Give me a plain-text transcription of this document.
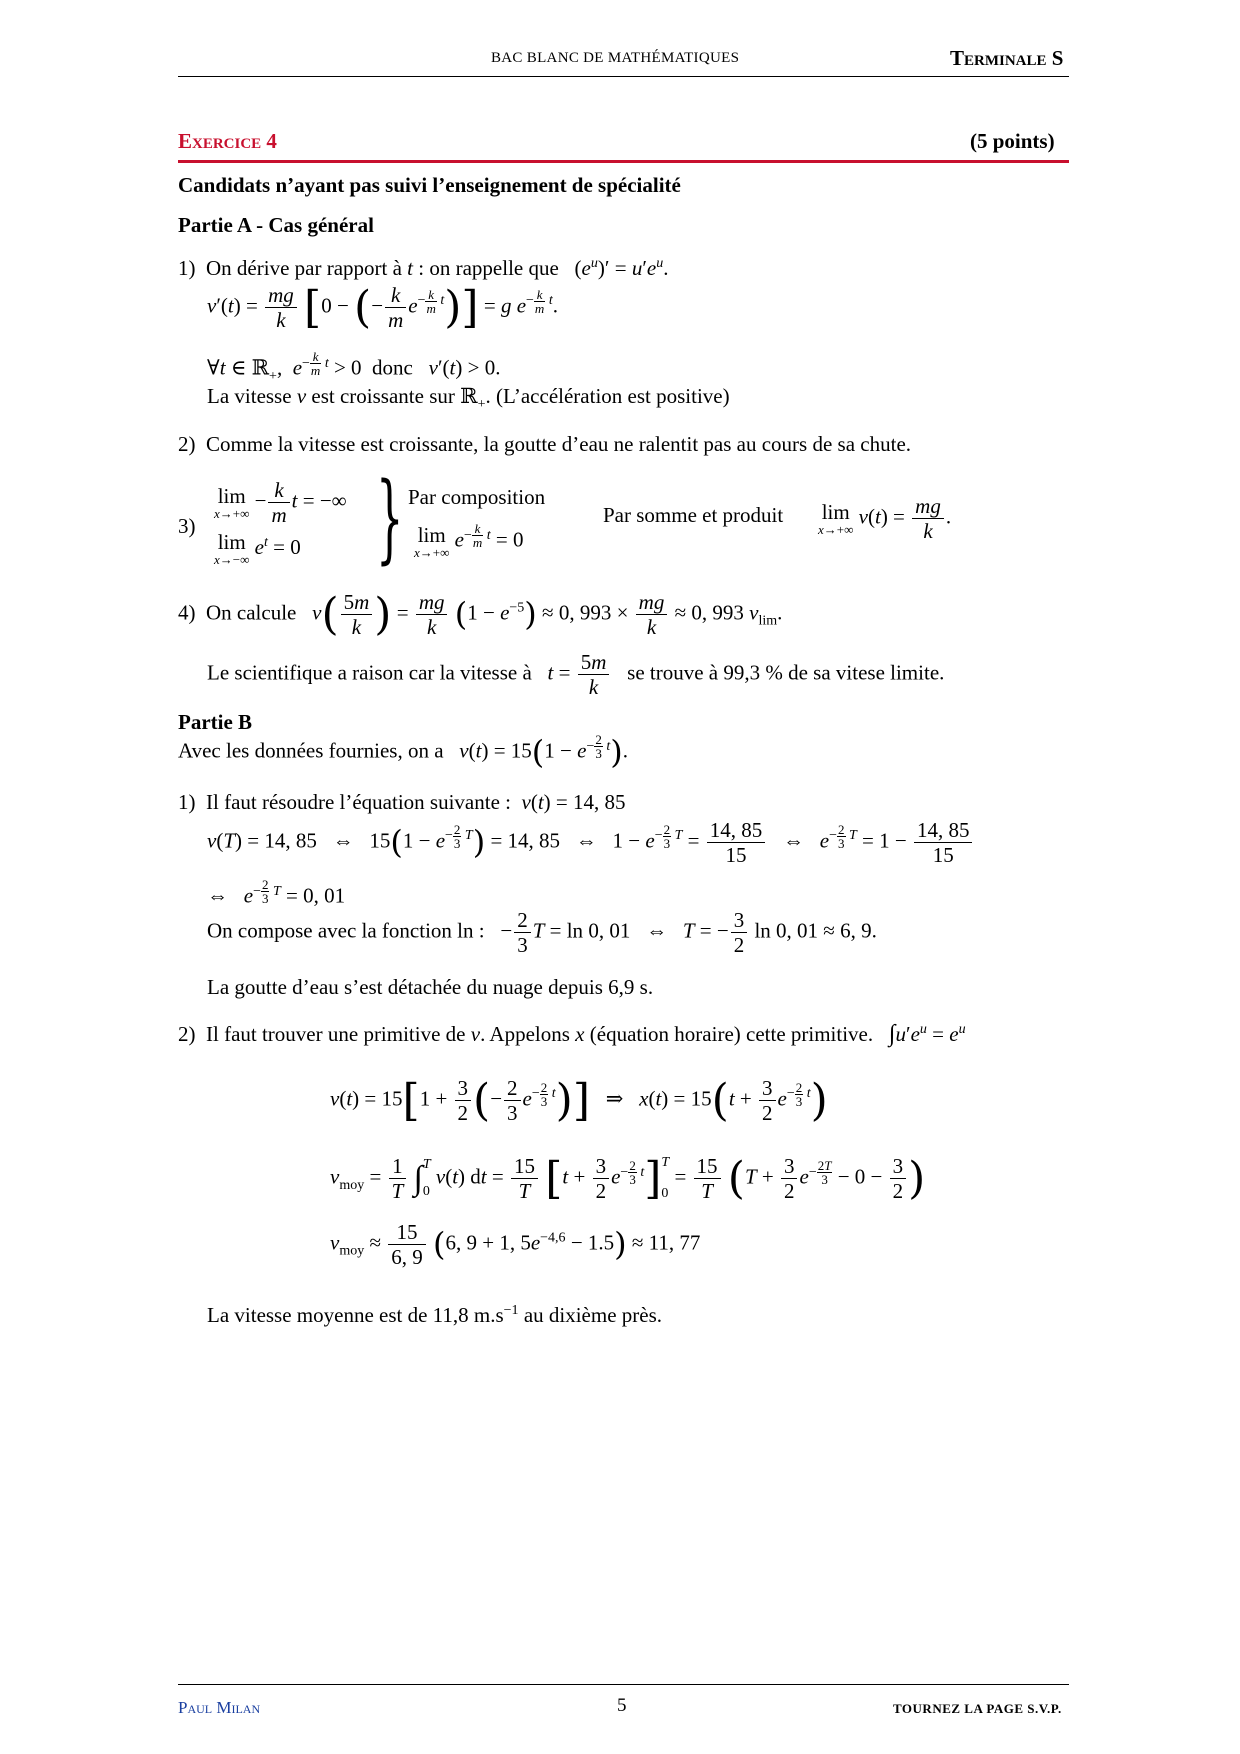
BAC BLANC DE MATHÉMATIQUES	Terminale S
Exercice 4	(5 points)
Candidats n’ayant pas suivi l’enseignement de spécialité
Partie A - Cas général
1) On dérive par rapport à t : on rappelle que   $(e^u)' = u'e^u$.
$v'(t) = \frac{mg}{k} [0$ − (− $\frac{k}{m} e^{- \frac{k}{m} t})] = g$ $e^{- \frac{k}{m} t}$.
∀t ∈ ℝ$_+$,  $e^{- \frac{k}{m} t} > 0$  donc v′(t) > 0.
La vitesse v est croissante sur ℝ$_+$. (L’accélération est positive)
2) Comme la vitesse est croissante, la goutte d’eau ne ralentit pas au cours de sa chute.
3)
lim
x→+∞
− $\frac{k}{m}$ t = −∞
lim
x→−∞
$e^t = 0$ } Par composition
lim
x→+∞
$e^{- \frac{k}{m} t} = 0$
Par somme et produit lim
x→+∞
$v(t) = \frac{mg}{k}$ .
4) On calcule $v( \frac{5m}{k}$ ) = $\frac{mg}{k} (1 - e^{-5}) \approx 0$, $993 \times \frac{mg}{k} \approx 0$, 993 $v_{lim}$.
Le scientifique a raison car la vitesse à $t = \frac{5m}{k}$ se trouve à 99,3 % de sa vitese limite.
Partie B
Avec les données fournies, on a $v(t) = 15(1 - e^{- \frac{2}{3} t})$.
1) Il faut résoudre l’équation suivante : v(t) = 14, 85
v(T) = 14, 85   ⇔   $15(1 - e^{- \frac{2}{3} T}) = 14$, 85   ⇔   $1 - e^{- \frac{2}{3} T} = \frac{14, 85}{15}$ ⇔   $e^{- \frac{2}{3} T} = 1 - \frac{14, 85}{15}$
⇔   $e^{- \frac{2}{3} T} = 0$, 01
On compose avec la fonction ln :   − $\frac{2}{3}$ T = ln 0, 01   ⇔   T = − $\frac{3}{2}$ ln 0, 01 ≈ 6, 9.
La goutte d’eau s’est détachée du nuage depuis 6,9 s.
2) Il faut trouver une primitive de v. Appelons x (équation horaire) cette primitive. $\int u'e^u = e^u$
$v(t) = 15[1 + \frac{3}{2}$ (− $\frac{2}{3} e^{- \frac{2}{3} t}$)]   ⇒   $x(t) = 15(t + \frac{3}{2} e^{- \frac{2}{3} t})$
$v_{moy} = \frac{1}{T} \int T$
0 v(t) dt = $\frac{15}{T} [t + \frac{3}{2} e^{- \frac{2}{3} t}]T$
$0 = \frac{15}{T} (T + \frac{3}{2} e^{- \frac{2T}{3}} - 0 - \frac{3}{2}$ )
$v_{moy} \approx \frac{15}{6, 9} (6$, 9 + 1, $5e^{-4,6} - 1.5) \approx 11$, 77
La vitesse moyenne est de 11,8 $m.s^{-1}$ au dixième près.
Paul Milan	5	TOURNEZ LA PAGE S.V.P.
